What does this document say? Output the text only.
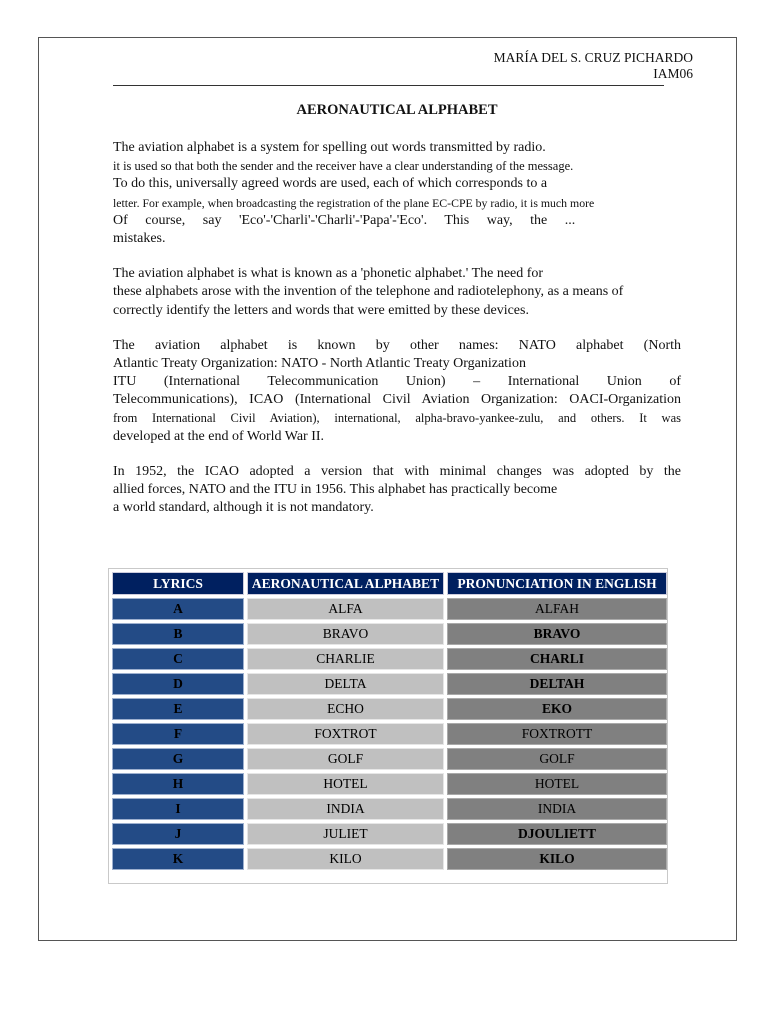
MARÍA DEL S. CRUZ PICHARDO
IAM06
AERONAUTICAL ALPHABET
The aviation alphabet is a system for spelling out words transmitted by radio.
it is used so that both the sender and the receiver have a clear understanding of the message.
To do this, universally agreed words are used, each of which corresponds to a
letter. For example, when broadcasting the registration of the plane EC-CPE by radio, it is much more
Of course, say 'Eco'-'Charli'-'Charli'-'Papa'-'Eco'. This way, the ...
mistakes.
The aviation alphabet is what is known as a 'phonetic alphabet.' The need for
these alphabets arose with the invention of the telephone and radiotelephony, as a means of
correctly identify the letters and words that were emitted by these devices.
The aviation alphabet is known by other names: NATO alphabet (North
Atlantic Treaty Organization: NATO - North Atlantic Treaty Organization
ITU (International Telecommunication Union) – International Union of
Telecommunications), ICAO (International Civil Aviation Organization: OACI-Organization
from International Civil Aviation), international, alpha-bravo-yankee-zulu, and others. It was
developed at the end of World War II.
In 1952, the ICAO adopted a version that with minimal changes was adopted by the
allied forces, NATO and the ITU in 1956. This alphabet has practically become
a world standard, although it is not mandatory.
LYRICS	AERONAUTICAL ALPHABET	PRONUNCIATION IN ENGLISH
A	ALFA	ALFAH
B	BRAVO	BRAVO
C	CHARLIE	CHARLI
D	DELTA	DELTAH
E	ECHO	EKO
F	FOXTROT	FOXTROTT
G	GOLF	GOLF
H	HOTEL	HOTEL
I	INDIA	INDIA
J	JULIET	DJOULIETT
K	KILO	KILO
